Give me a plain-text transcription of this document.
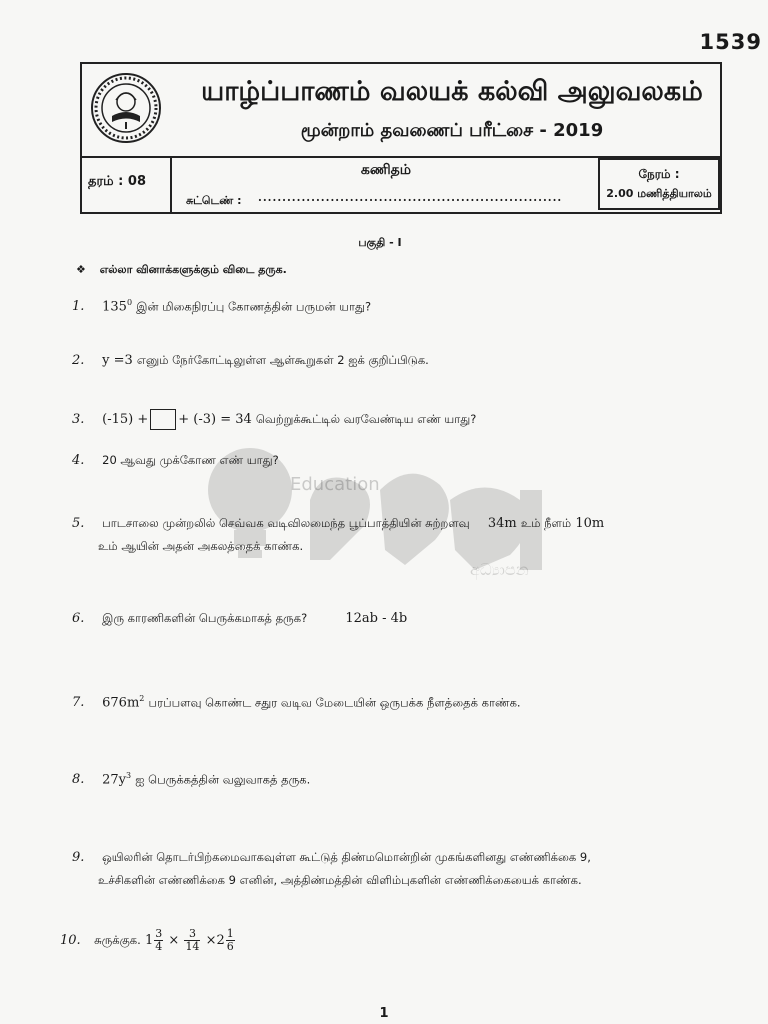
1539
யாழ்ப்பாணம் வலயக் கல்வி அலுவலகம்
மூன்றாம் தவணைப் பரீட்சை - 2019
தரம் : 08
கணிதம்
சுட்டெண் : ...............................................................
நேரம் :
2.00 மணித்தியாலம்
பகுதி - I
❖ எல்லா வினாக்களுக்கும் விடை தருக.
Education
අධ්‍යාපන
1. $135^0$ இன் மிகைநிரப்பு கோணத்தின் பருமன் யாது?
2. y =3 எனும் நேர்கோட்டிலுள்ள ஆள்கூறுகள் 2 ஐக் குறிப்பிடுக.
3. (-15) + + (-3) = 34 வெற்றுக்கூட்டில் வரவேண்டிய எண் யாது?
4. 20 ஆவது முக்கோண எண் யாது?
5. பாடசாலை முன்றலில் செவ்வக வடிவிலமைந்த பூப்பாத்தியின் சுற்றளவு 34m உம் நீளம் 10m
உம் ஆயின் அதன் அகலத்தைக் காண்க.
6. இரு காரணிகளின் பெருக்கமாகத் தருக?	12ab - 4b
7. $676m^2$ பரப்பளவு கொண்ட சதுர வடிவ மேடையின் ஒருபக்க நீளத்தைக் காண்க.
8. $27y^3$ ஐ பெருக்கத்தின் வலுவாகத் தருக.
9. ஒயிலரின் தொடர்பிற்கமைவாகவுள்ள கூட்டுத் திண்மமொன்றின் முகங்களினது எண்ணிக்கை 9,
உச்சிகளின் எண்ணிக்கை 9 எனின், அத்திண்மத்தின் விளிம்புகளின் எண்ணிக்கையைக் காண்க.
10. சுருக்குக. $1 \frac{3}{4} \times \frac{3}{14} \times 2 \frac{1}{6}$
1
